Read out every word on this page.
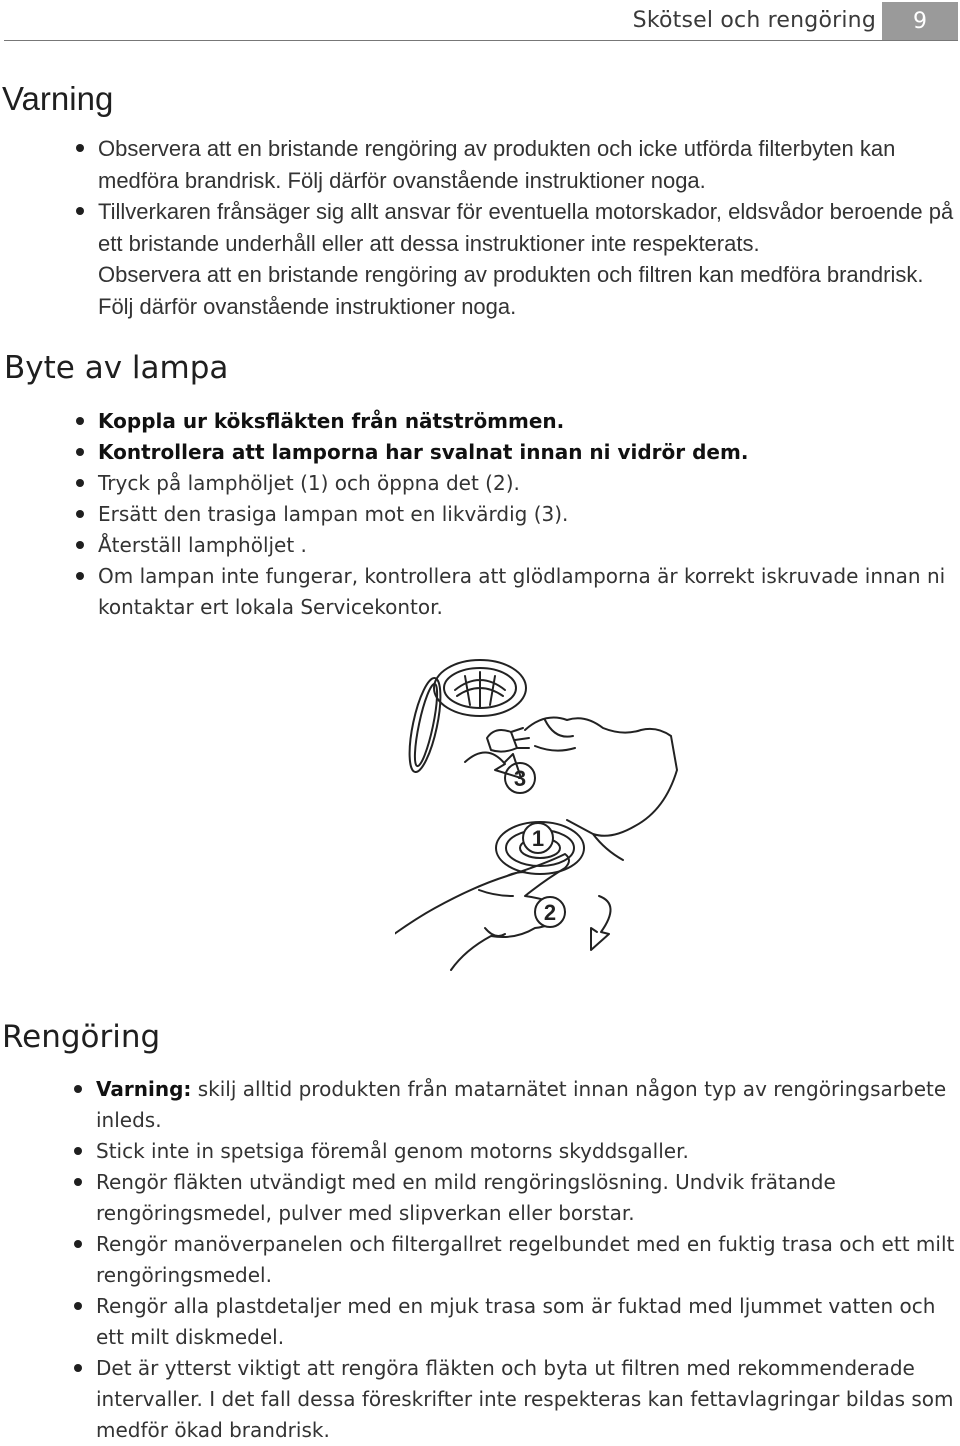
Skötsel och rengöring	9
Varning
Observera att en bristande rengöring av produkten och icke utförda filterbyten kan medföra brandrisk. Följ därför ovanstående instruktioner noga.
Tillverkaren frånsäger sig allt ansvar för eventuella motorskador, eldsvådor beroende på ett bristande underhåll eller att dessa instruktioner inte respekterats.
Observera att en bristande rengöring av produkten och filtren kan medföra brandrisk. Följ därför ovanstående instruktioner noga.
Byte av lampa
Koppla ur köksfläkten från nätströmmen.
Kontrollera att lamporna har svalnat innan ni vidrör dem.
Tryck på lamphöljet (1) och öppna det (2).
Ersätt den trasiga lampan mot en likvärdig (3).
Återställ lamphöljet .
Om lampan inte fungerar, kontrollera att glödlamporna är korrekt iskruvade innan ni kontaktar ert lokala Servicekontor.
3
1
2
Rengöring
Varning: skilj alltid produkten från matarnätet innan någon typ av rengöringsarbete inleds.
Stick inte in spetsiga föremål genom motorns skyddsgaller.
Rengör fläkten utvändigt med en mild rengöringslösning. Undvik frätande rengöringsmedel, pulver med slipverkan eller borstar.
Rengör manöverpanelen och filtergallret regelbundet med en fuktig trasa och ett milt rengöringsmedel.
Rengör alla plastdetaljer med en mjuk trasa som är fuktad med ljummet vatten och ett milt diskmedel.
Det är ytterst viktigt att rengöra fläkten och byta ut filtren med rekommenderade intervaller. I det fall dessa föreskrifter inte respekteras kan fettavlagringar bildas som medför ökad brandrisk.
